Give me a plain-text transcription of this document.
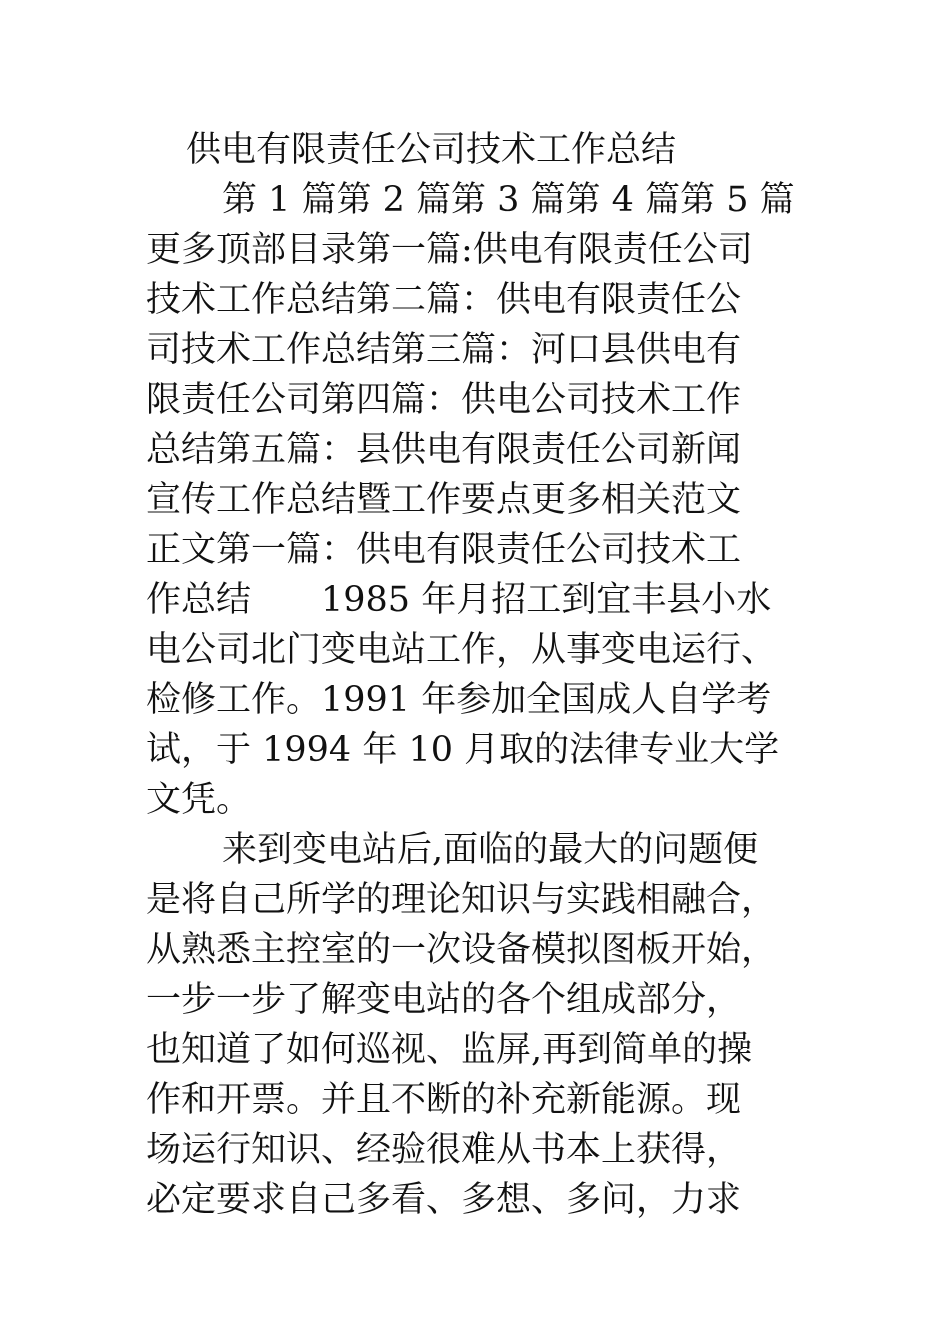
供电有限责任公司技术工作总结
第 1 篇第 2 篇第 3 篇第 4 篇第 5 篇
更多顶部目录第一篇:供电有限责任公司
技术工作总结第二篇：供电有限责任公
司技术工作总结第三篇：河口县供电有
限责任公司第四篇：供电公司技术工作
总结第五篇：县供电有限责任公司新闻
宣传工作总结暨工作要点更多相关范文
正文第一篇：供电有限责任公司技术工
作总结　　1985 年月招工到宜丰县小水
电公司北门变电站工作，从事变电运行、
检修工作。1991 年参加全国成人自学考
试，于 1994 年 10 月取的法律专业大学
文凭。
来到变电站后,面临的最大的问题便
是将自己所学的理论知识与实践相融合，
从熟悉主控室的一次设备模拟图板开始，
一步一步了解变电站的各个组成部分，
也知道了如何巡视、监屏,再到简单的操
作和开票。并且不断的补充新能源。现
场运行知识、经验很难从书本上获得，
必定要求自己多看、多想、多问，力求
